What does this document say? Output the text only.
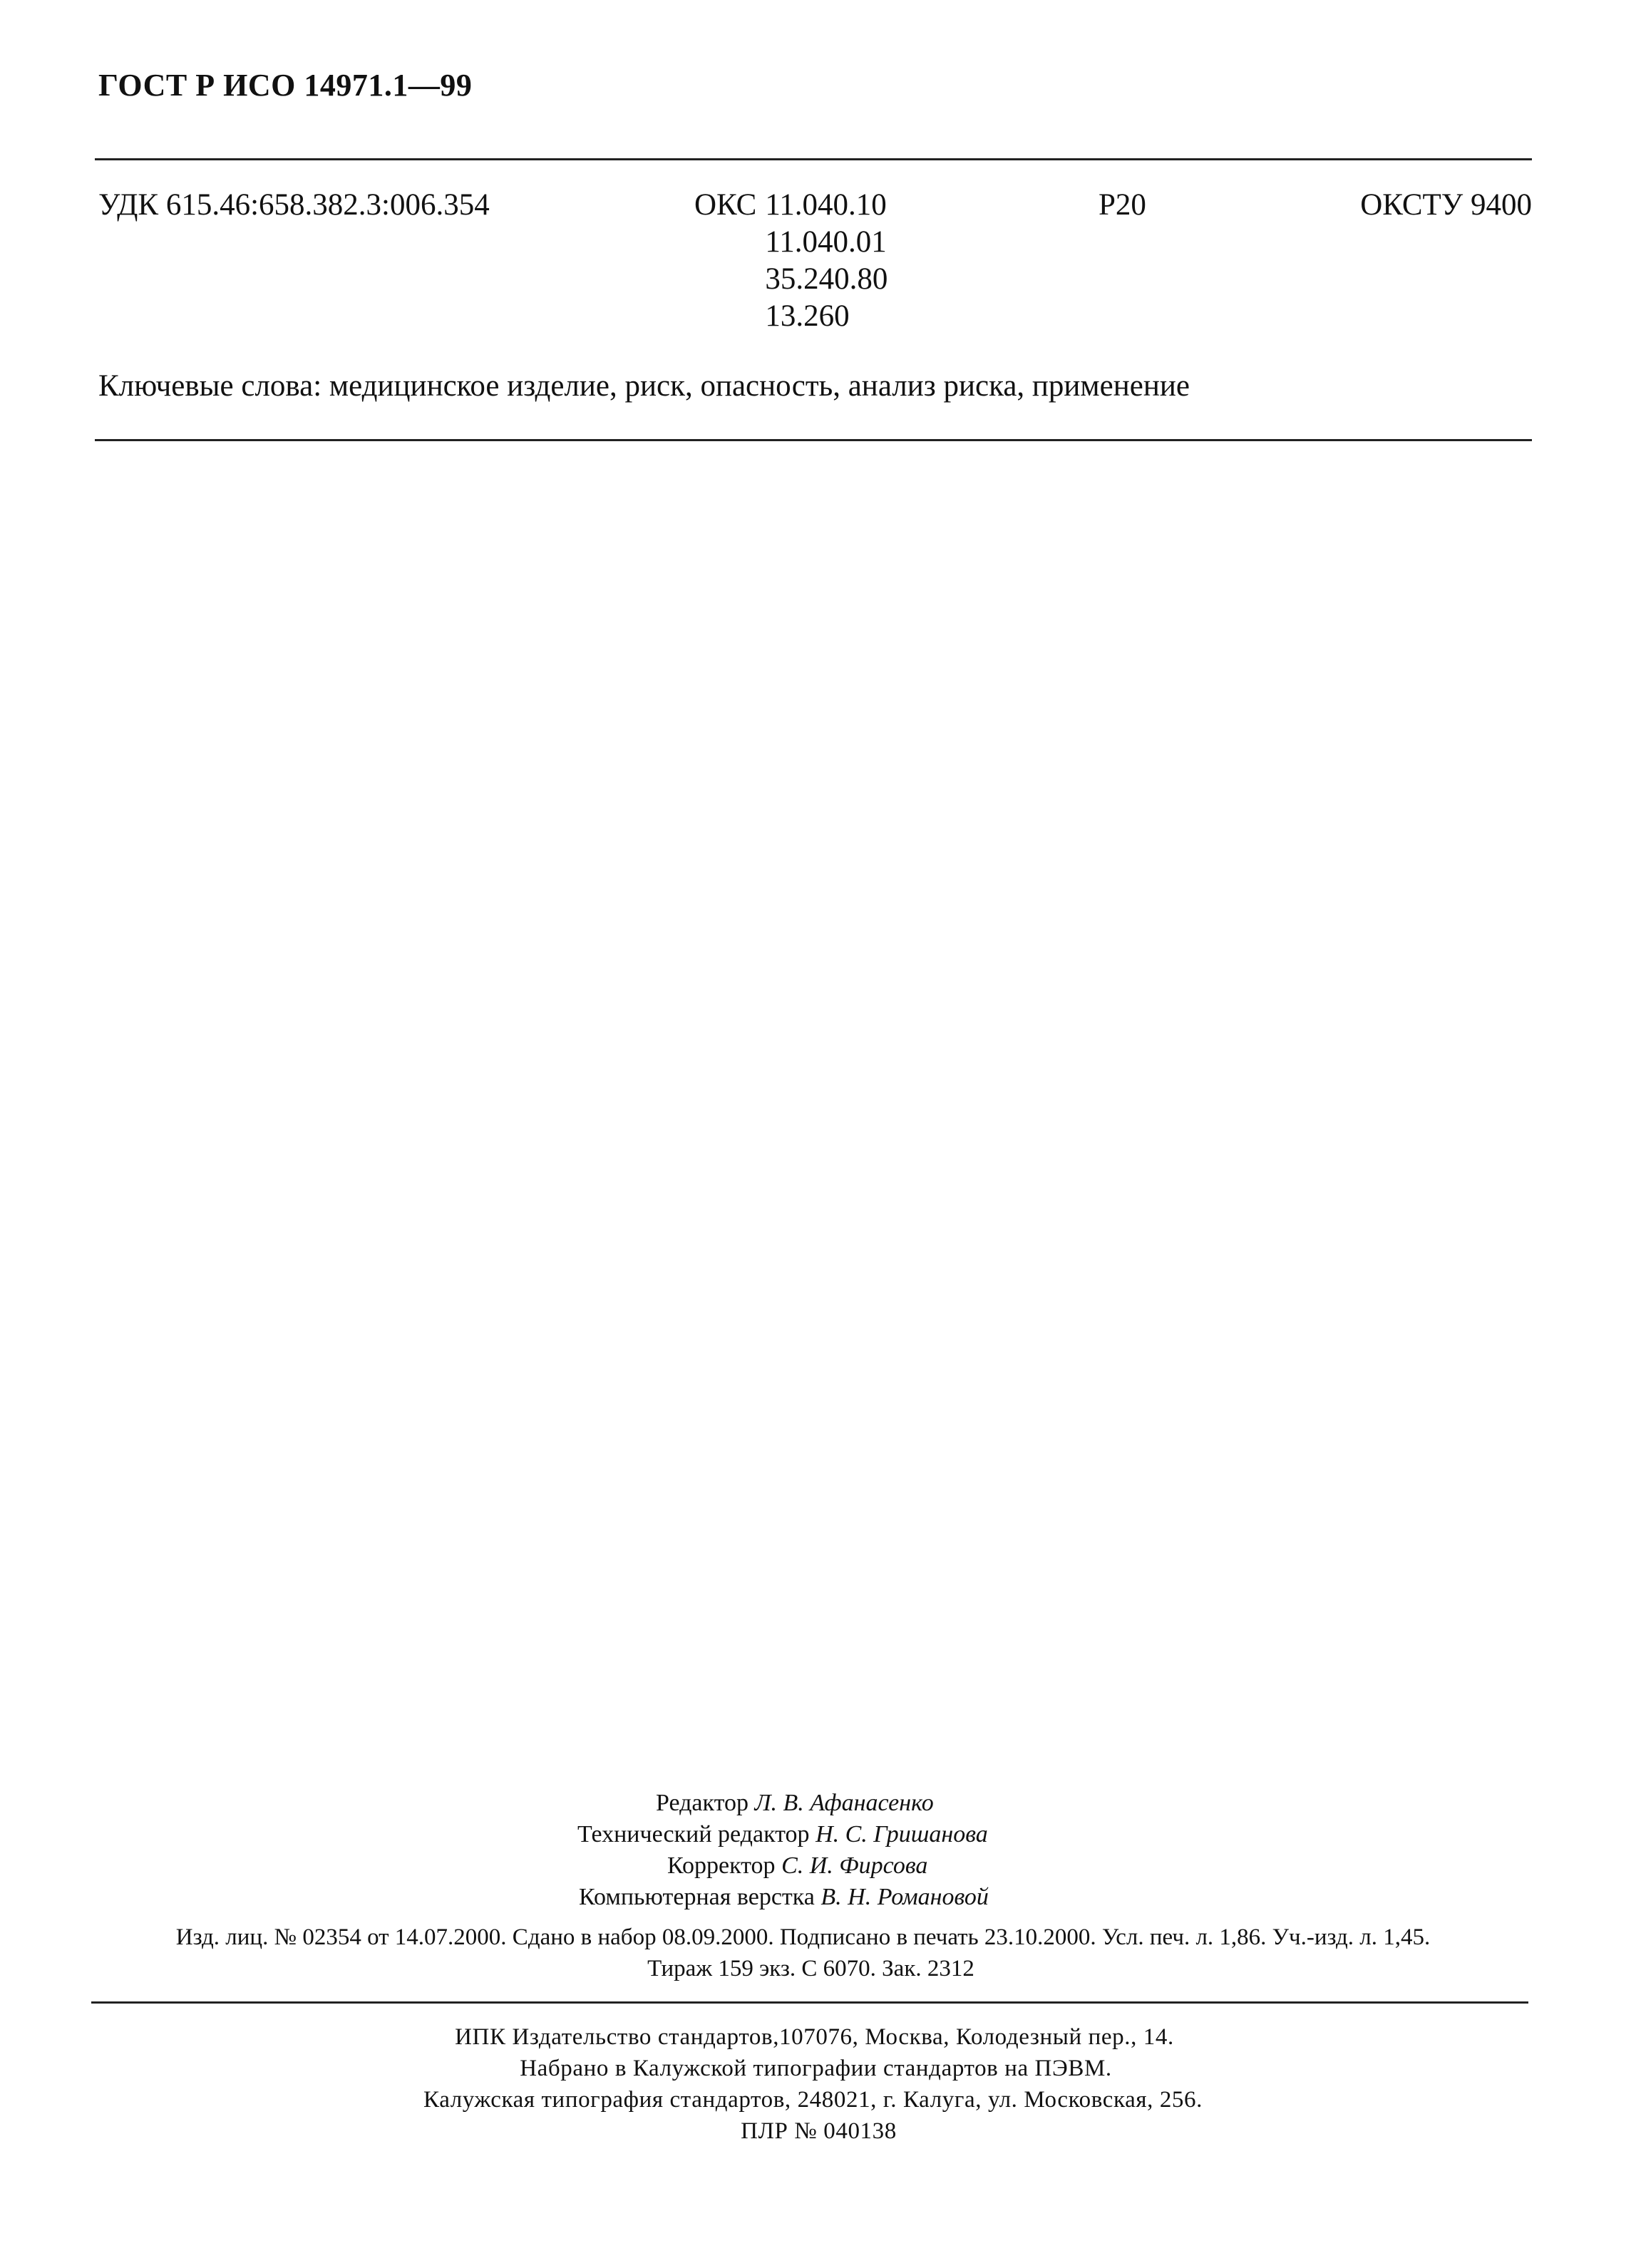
ГОСТ Р ИСО 14971.1—99
УДК 615.46:658.382.3:006.354	ОКС 11.040.10
11.040.01
35.240.80
13.260
Р20	ОКСТУ 9400
Ключевые слова: медицинское изделие, риск, опасность, анализ риска, применение
Редактор Л. В. Афанасенко
Технический редактор Н. С. Гришанова
Корректор С. И. Фирсова
Компьютерная верстка В. Н. Романовой
Изд. лиц. № 02354 от 14.07.2000. Сдано в набор 08.09.2000. Подписано в печать 23.10.2000. Усл. печ. л. 1,86. Уч.-изд. л. 1,45.
Тираж 159 экз. С 6070. Зак. 2312
ИПК Издательство стандартов,107076, Москва, Колодезный пер., 14.
Набрано в Калужской типографии стандартов на ПЭВМ.
Калужская типография стандартов, 248021, г. Калуга, ул. Московская, 256.
ПЛР № 040138
